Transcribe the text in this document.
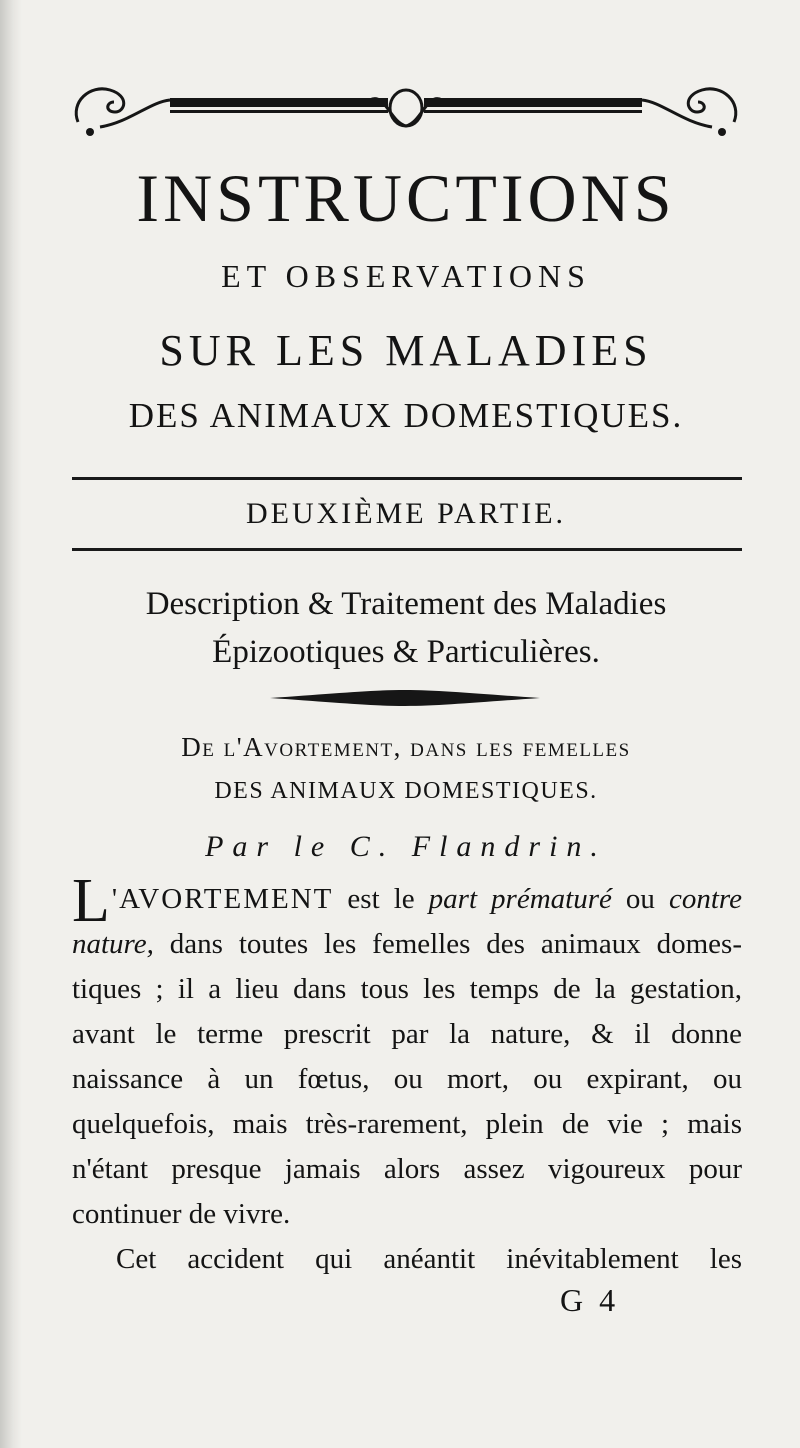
INSTRUCTIONS
ET OBSERVATIONS
SUR LES MALADIES
DES ANIMAUX DOMESTIQUES.
DEUXIÈME PARTIE.
Description & Traitement des Maladies
Épizootiques & Particulières.
De l'Avortement, dans les femelles
DES ANIMAUX DOMESTIQUES.
Par le C. Flandrin.
L 'AVORTEMENT est le part prématuré ou contre
nature, dans toutes les femelles des animaux domes-
tiques ; il a lieu dans tous les temps de la gestation,
avant le terme prescrit par la nature, & il donne
naissance à un fœtus, ou mort, ou expirant, ou
quelquefois, mais très-rarement, plein de vie ; mais
n'étant presque jamais alors assez vigoureux pour
continuer de vivre.
Cet accident qui anéantit inévitablement les
G 4
